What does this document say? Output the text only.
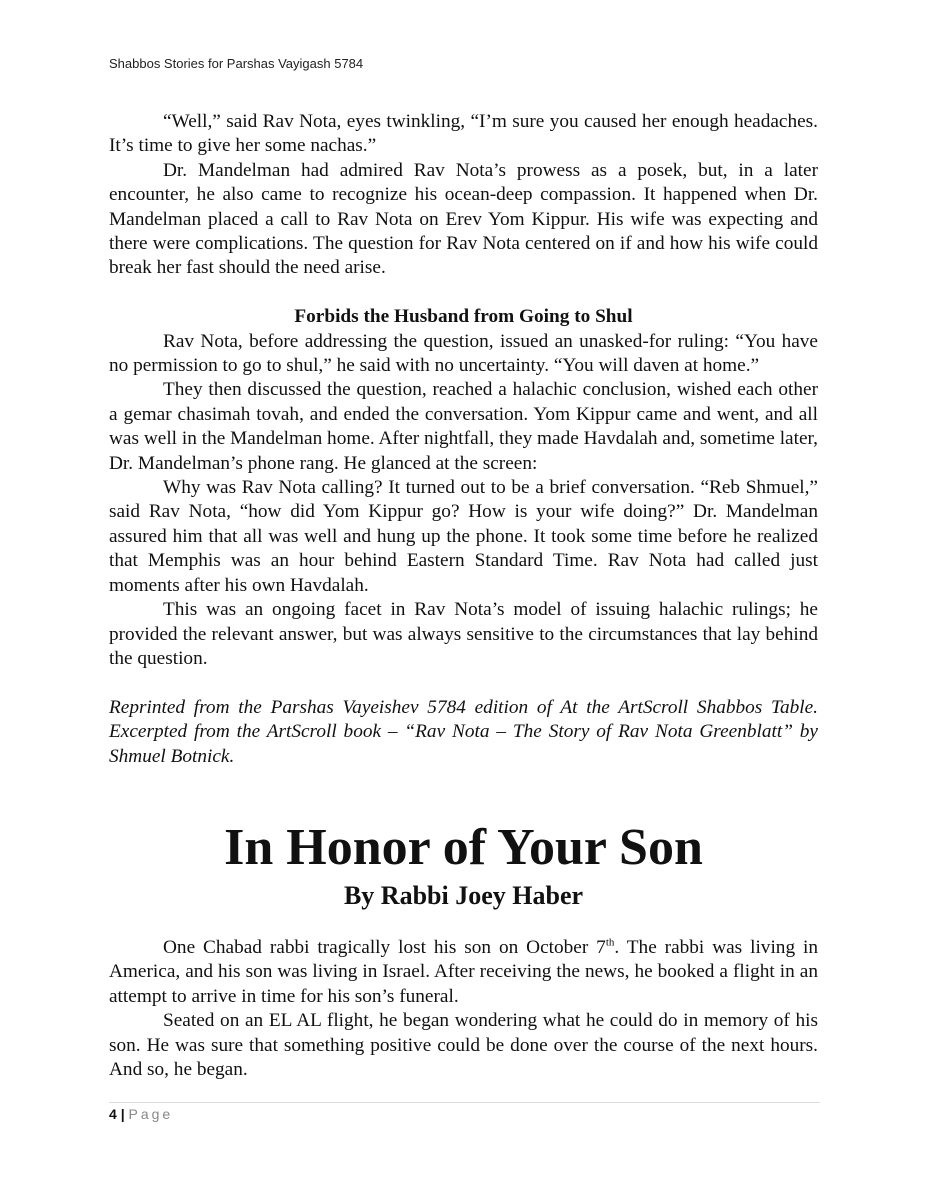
Shabbos Stories for Parshas Vayigash 5784

“Well,” said Rav Nota, eyes twinkling, “I’m sure you caused her enough headaches. It’s time to give her some nachas.”

Dr. Mandelman had admired Rav Nota’s prowess as a posek, but, in a later encounter, he also came to recognize his ocean-deep compassion. It happened when Dr. Mandelman placed a call to Rav Nota on Erev Yom Kippur. His wife was expecting and there were complications. The question for Rav Nota centered on if and how his wife could break her fast should the need arise.

Forbids the Husband from Going to Shul

Rav Nota, before addressing the question, issued an unasked-for ruling: “You have no permission to go to shul,” he said with no uncertainty. “You will daven at home.”

They then discussed the question, reached a halachic conclusion, wished each other a gemar chasimah tovah, and ended the conversation. Yom Kippur came and went, and all was well in the Mandelman home. After nightfall, they made Havdalah and, sometime later, Dr. Mandelman’s phone rang. He glanced at the screen:

Why was Rav Nota calling? It turned out to be a brief conversation. “Reb Shmuel,” said Rav Nota, “how did Yom Kippur go? How is your wife doing?” Dr. Mandelman assured him that all was well and hung up the phone. It took some time before he realized that Memphis was an hour behind Eastern Standard Time. Rav Nota had called just moments after his own Havdalah.

This was an ongoing facet in Rav Nota’s model of issuing halachic rulings; he provided the relevant answer, but was always sensitive to the circumstances that lay behind the question.

Reprinted from the Parshas Vayeishev 5784 edition of At the ArtScroll Shabbos Table. Excerpted from the ArtScroll book – “Rav Nota – The Story of Rav Nota Greenblatt” by Shmuel Botnick.
In Honor of Your Son
By Rabbi Joey Haber

One Chabad rabbi tragically lost his son on October 7th. The rabbi was living in America, and his son was living in Israel. After receiving the news, he booked a flight in an attempt to arrive in time for his son’s funeral.

Seated on an EL AL flight, he began wondering what he could do in memory of his son. He was sure that something positive could be done over the course of the next hours. And so, he began.

4 | Page
